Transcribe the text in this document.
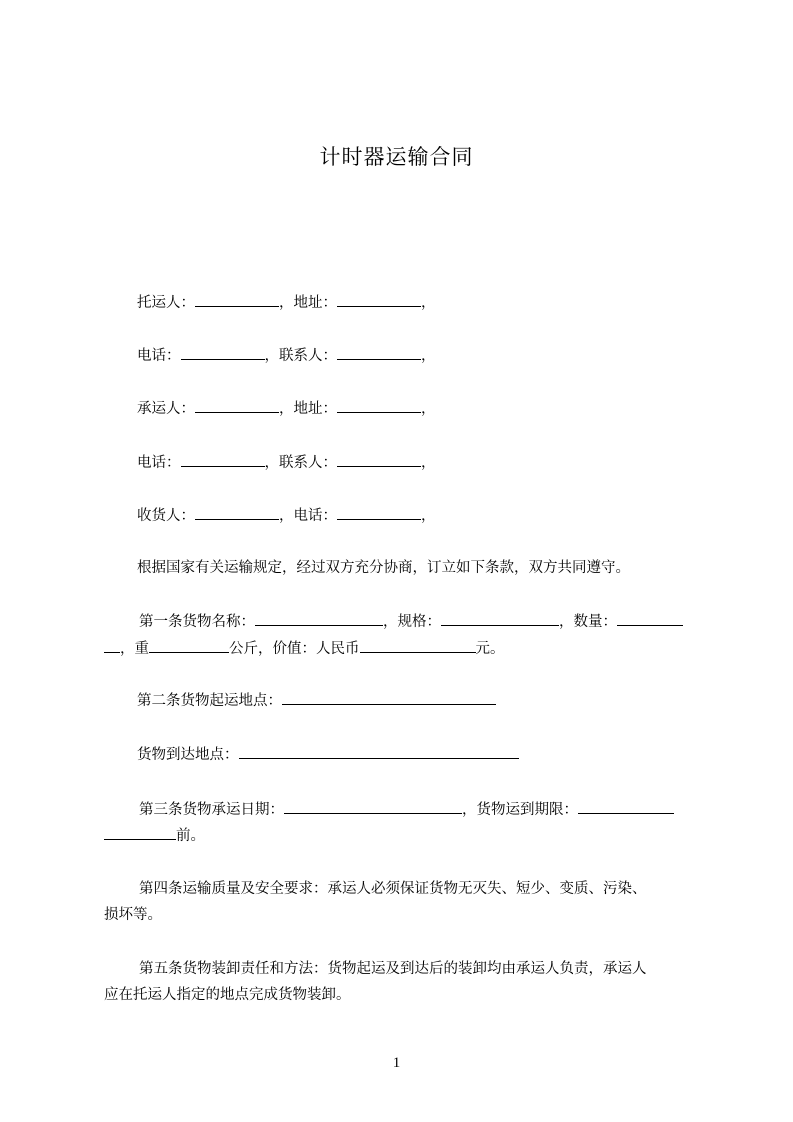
计时器运输合同
托运人：	，地址：	，
电话：	，联系人：	，
承运人：	，地址：	，
电话：	，联系人：	，
收货人：	，电话：	，
根据国家有关运输规定，经过双方充分协商，订立如下条款，双方共同遵守。
第一条货物名称：	，规格：	，数量：
，重	公斤，价值：人民币	元。
第二条货物起运地点：
货物到达地点：
第三条货物承运日期：	，货物运到期限：
前。
第四条运输质量及安全要求：承运人必须保证货物无灭失、短少、变质、污染、
损坏等。
第五条货物装卸责任和方法：货物起运及到达后的装卸均由承运人负责，承运人
应在托运人指定的地点完成货物装卸。
1
